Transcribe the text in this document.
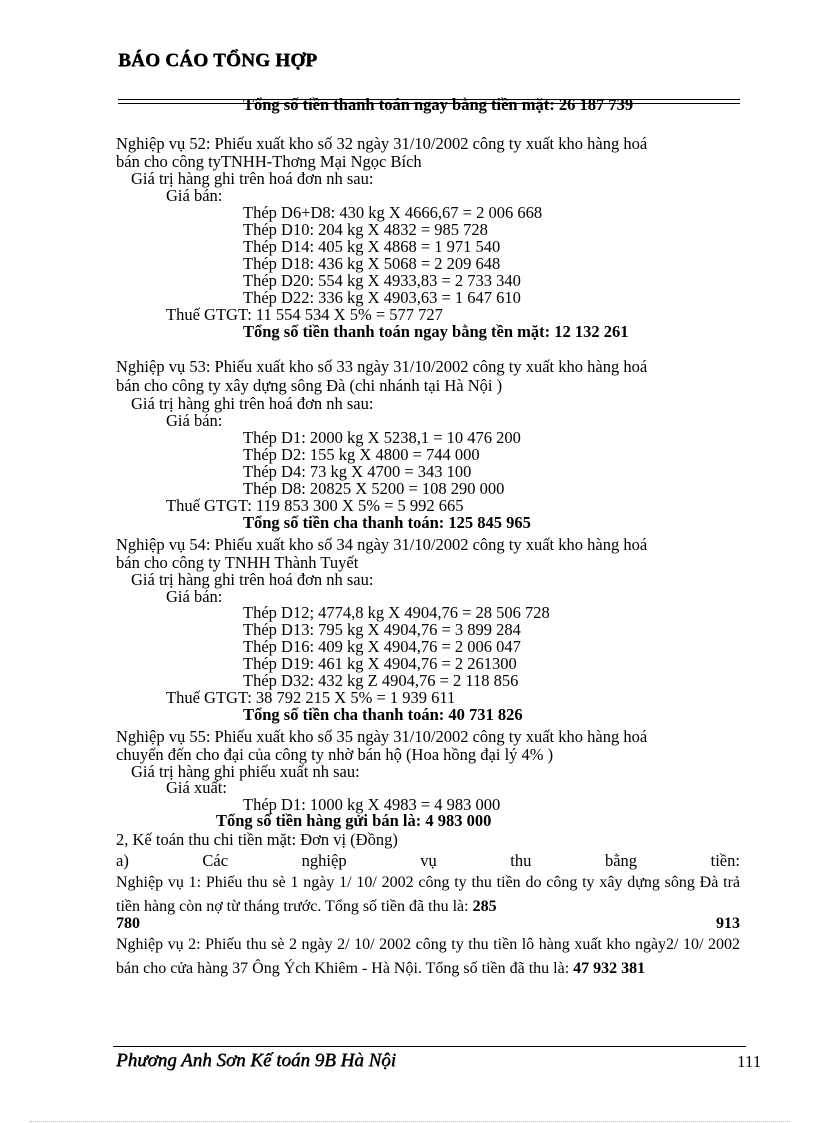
BÁO CÁO TỔNG HỢP
Tổng số tiền thanh toán ngay bằng tiền mặt: 26 187 739
Nghiệp vụ 52: Phiếu xuất kho số 32 ngày 31/10/2002 công ty xuất kho hàng hoá
bán cho công tyTNHH-Thơng Mại Ngọc Bích
Giá trị hàng ghi trên hoá đơn nh sau:
Giá bán:
Thép D6+D8: 430 kg X 4666,67 = 2 006 668
Thép D10: 204 kg X 4832 = 985 728
Thép D14: 405 kg X 4868 = 1 971 540
Thép D18: 436 kg X 5068 = 2 209 648
Thép D20: 554 kg X 4933,83 = 2 733 340
Thép D22: 336 kg X 4903,63 = 1 647 610
Thuế GTGT: 11 554 534 X 5% = 577 727
Tổng số tiền thanh toán ngay bằng tền mặt: 12 132 261
Nghiệp vụ 53: Phiếu xuất kho số 33 ngày 31/10/2002 công ty xuất kho hàng hoá
bán cho công ty xây dựng sông Đà (chi nhánh tại Hà Nội )
Giá trị hàng ghi trên hoá đơn nh sau:
Giá bán:
Thép D1: 2000 kg X 5238,1 = 10 476 200
Thép D2: 155 kg X 4800 = 744 000
Thép D4: 73 kg X 4700 = 343 100
Thép D8: 20825 X 5200 = 108 290 000
Thuế GTGT: 119 853 300 X 5% = 5 992 665
Tổng số tiền cha thanh toán: 125 845 965
Nghiệp vụ 54: Phiếu xuất kho số 34 ngày 31/10/2002 công ty xuất kho hàng hoá
bán cho công ty TNHH Thành Tuyết
Giá trị hàng ghi trên hoá đơn nh sau:
Giá bán:
Thép D12; 4774,8 kg X 4904,76 = 28 506 728
Thép D13: 795 kg X 4904,76 = 3 899 284
Thép D16: 409 kg X 4904,76 = 2 006 047
Thép D19: 461 kg X 4904,76 = 2 261300
Thép D32: 432 kg Z 4904,76 = 2 118 856
Thuế GTGT: 38 792 215 X 5% = 1 939 611
Tổng số tiền cha thanh toán: 40 731 826
Nghiệp vụ 55: Phiếu xuất kho số 35 ngày 31/10/2002 công ty xuất kho hàng hoá
chuyển đến cho đại của công ty nhờ bán hộ (Hoa hồng đại lý 4% )
Giá trị hàng ghi phiếu xuất nh sau:
Giá xuất:
Thép D1: 1000 kg X 4983 = 4 983 000
Tổng số tiền hàng gửi bán là: 4 983 000
2, Kế toán thu chi tiền mặt: Đơn vị (Đồng)
a)	Các	nghiệp	vụ	thu	bằng	tiền:
Nghiệp vụ 1: Phiếu thu sè 1 ngày 1/ 10/ 2002 công ty thu tiền do công ty xây dựng sông Đà trả tiền hàng còn nợ từ tháng trước. Tổng số tiền đã thu là: 285
780	913
Nghiệp vụ 2: Phiếu thu sè 2 ngày 2/ 10/ 2002 công ty thu tiền lô hàng xuất kho ngày2/ 10/ 2002 bán cho cửa hàng 37 Ông Ých Khiêm - Hà Nội. Tổng số tiền đã thu là: 47 932 381
Phương Anh Sơn Kế toán 9B Hà Nội	111
